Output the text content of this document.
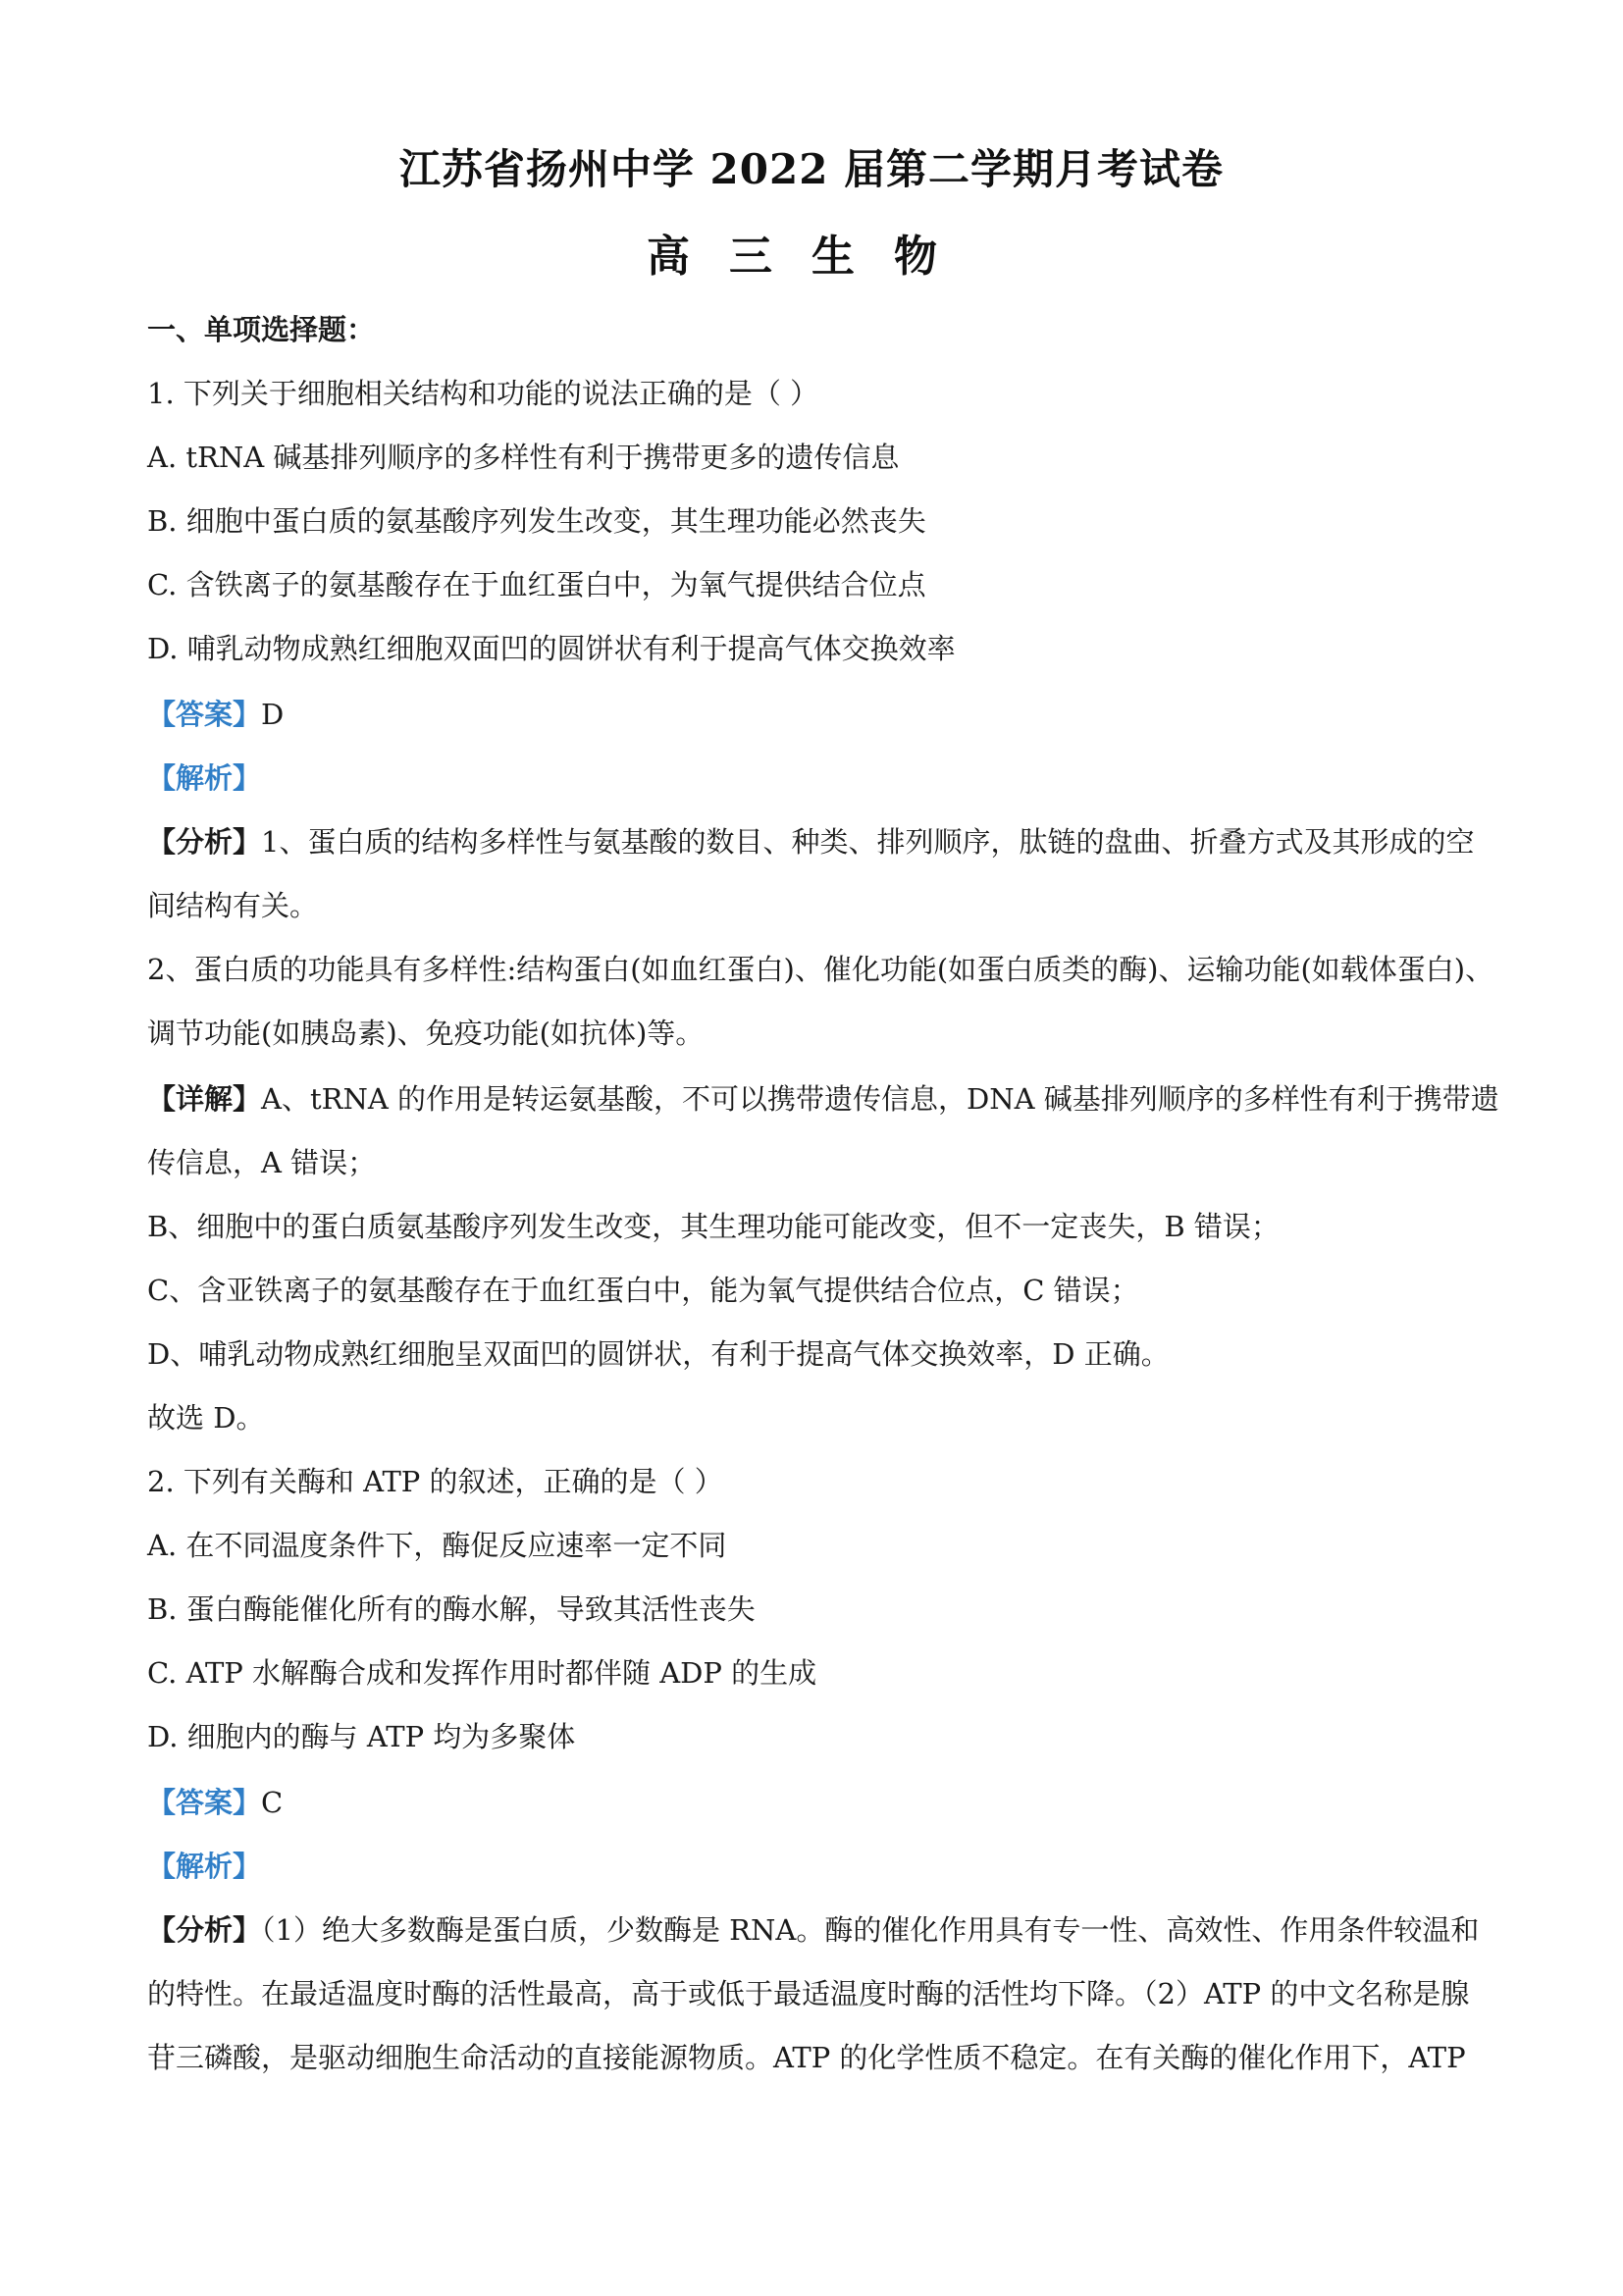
江苏省扬州中学 2022 届第二学期月考试卷
高三生物
一、单项选择题：
1. 下列关于细胞相关结构和功能的说法正确的是（ ）
A. tRNA 碱基排列顺序的多样性有利于携带更多的遗传信息
B. 细胞中蛋白质的氨基酸序列发生改变，其生理功能必然丧失
C. 含铁离子的氨基酸存在于血红蛋白中，为氧气提供结合位点
D. 哺乳动物成熟红细胞双面凹的圆饼状有利于提高气体交换效率
【答案】D
【解析】
【分析】1、蛋白质的结构多样性与氨基酸的数目、种类、排列顺序，肽链的盘曲、折叠方式及其形成的空
间结构有关。
2、蛋白质的功能具有多样性:结构蛋白(如血红蛋白)、催化功能(如蛋白质类的酶)、运输功能(如载体蛋白)、
调节功能(如胰岛素)、免疫功能(如抗体)等。
【详解】A、tRNA 的作用是转运氨基酸，不可以携带遗传信息，DNA 碱基排列顺序的多样性有利于携带遗
传信息，A 错误；
B、细胞中的蛋白质氨基酸序列发生改变，其生理功能可能改变，但不一定丧失，B 错误；
C、含亚铁离子的氨基酸存在于血红蛋白中，能为氧气提供结合位点，C 错误；
D、哺乳动物成熟红细胞呈双面凹的圆饼状，有利于提高气体交换效率，D 正确。
故选 D。
2. 下列有关酶和 ATP 的叙述，正确的是（ ）
A. 在不同温度条件下，酶促反应速率一定不同
B. 蛋白酶能催化所有的酶水解，导致其活性丧失
C. ATP 水解酶合成和发挥作用时都伴随 ADP 的生成
D. 细胞内的酶与 ATP 均为多聚体
【答案】C
【解析】
【分析】（1）绝大多数酶是蛋白质，少数酶是 RNA。酶的催化作用具有专一性、高效性、作用条件较温和
的特性。在最适温度时酶的活性最高，高于或低于最适温度时酶的活性均下降。（2）ATP 的中文名称是腺
苷三磷酸，是驱动细胞生命活动的直接能源物质。ATP 的化学性质不稳定。在有关酶的催化作用下，ATP
